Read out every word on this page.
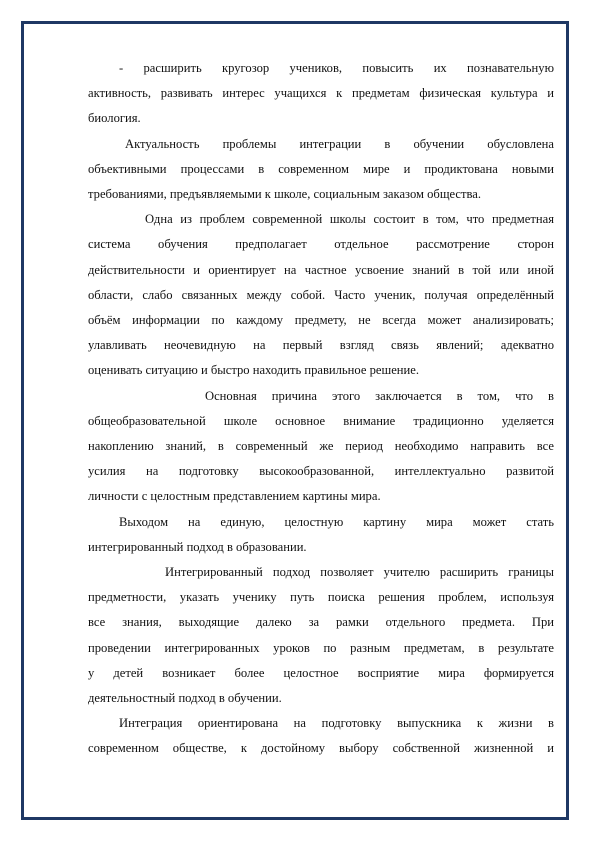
- расширить кругозор учеников, повысить их познавательную
активность, развивать интерес учащихся к предметам физическая культура и
биология.
Актуальность проблемы интеграции в обучении обусловлена
объективными процессами в современном мире и продиктована новыми
требованиями, предъявляемыми к школе, социальным заказом общества.
Одна из проблем современной школы состоит в том, что предметная
система обучения предполагает отдельное рассмотрение сторон
действительности и ориентирует на частное усвоение знаний в той или иной
области, слабо связанных между собой. Часто ученик, получая определённый
объём информации по каждому предмету, не всегда может анализировать;
улавливать неочевидную на первый взгляд связь явлений; адекватно
оценивать ситуацию и быстро находить правильное решение.
Основная причина этого заключается в том, что в
общеобразовательной школе основное внимание традиционно уделяется
накоплению знаний, в современный же период необходимо направить все
усилия на подготовку высокообразованной, интеллектуально развитой
личности с целостным представлением картины мира.
Выходом на единую, целостную картину мира может стать
интегрированный подход в образовании.
Интегрированный подход позволяет учителю расширить границы
предметности, указать ученику путь поиска решения проблем, используя
все знания, выходящие далеко за рамки отдельного предмета. При
проведении интегрированных уроков по разным предметам, в результате
у детей возникает более целостное восприятие мира формируется
деятельностный подход в обучении.
Интеграция ориентирована на подготовку выпускника к жизни в
современном обществе, к достойному выбору собственной жизненной и
